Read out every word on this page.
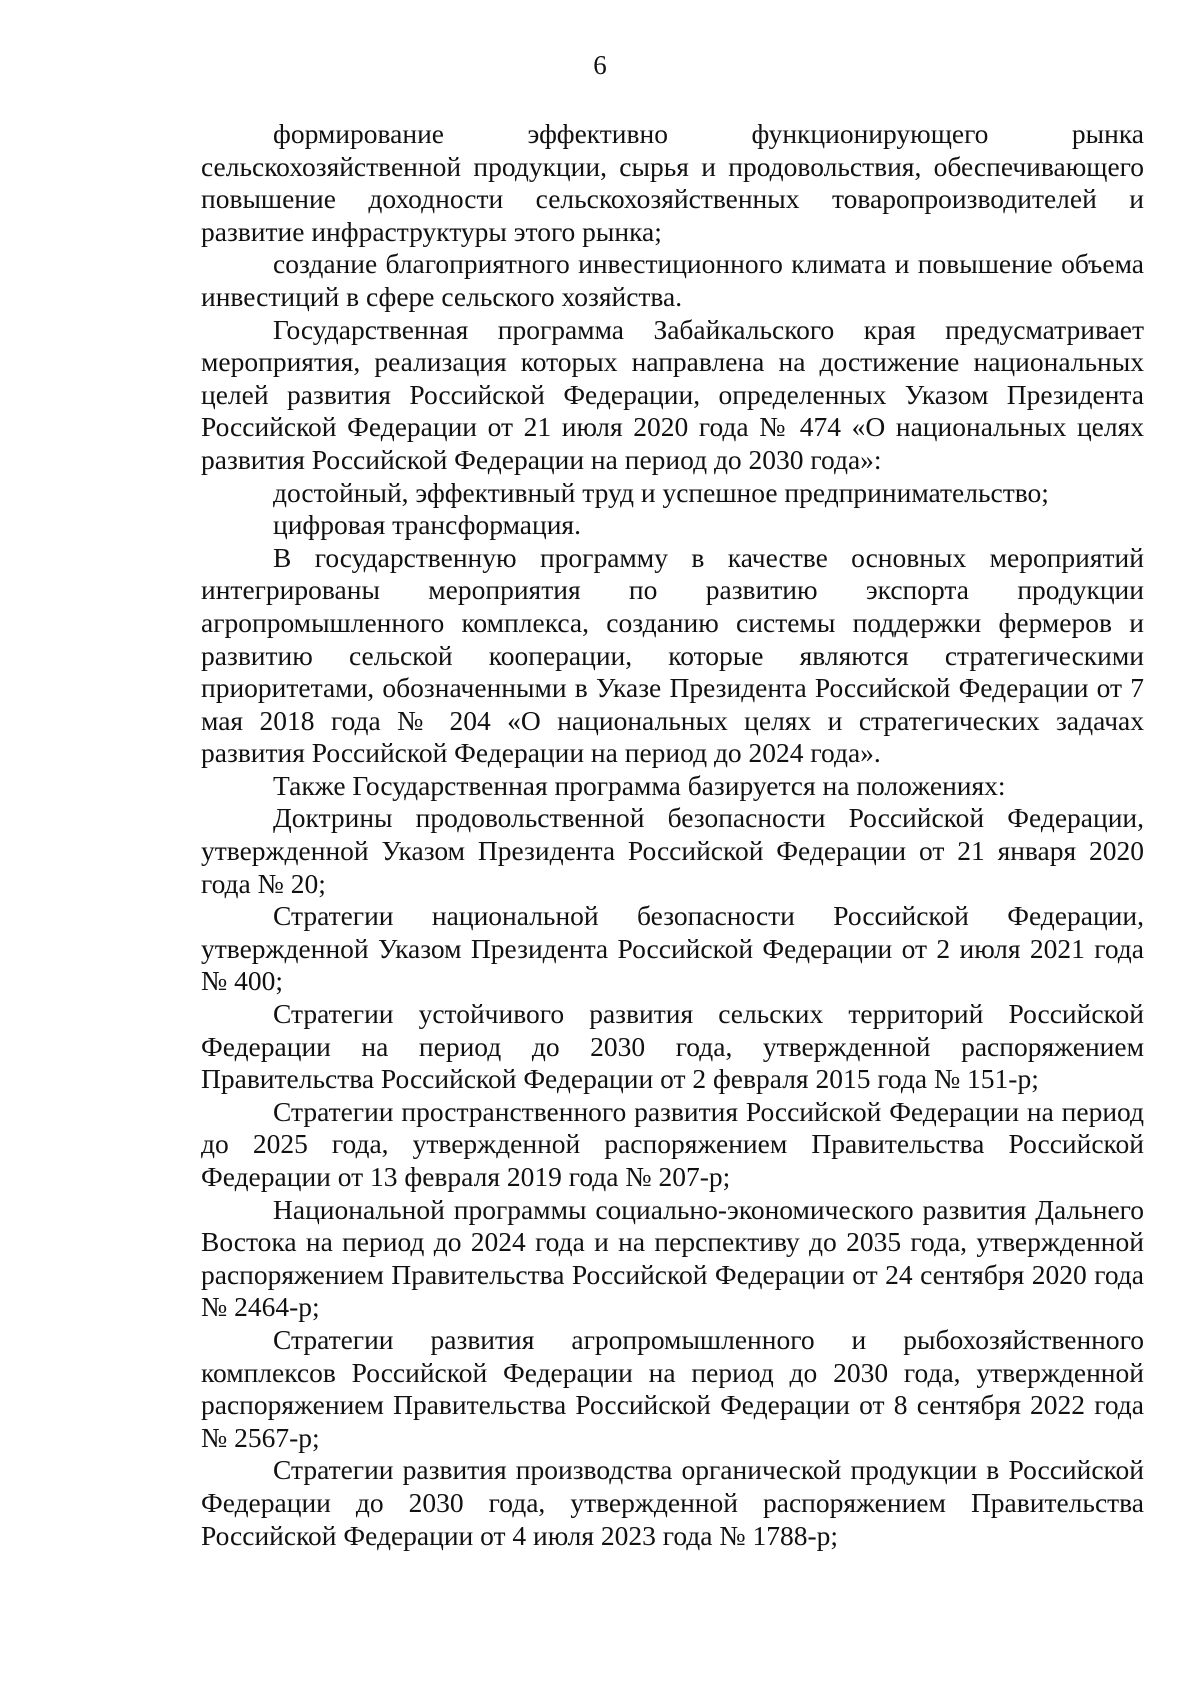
6

формирование эффективно функционирующего рынка сельскохозяйственной продукции, сырья и продовольствия, обеспечивающего повышение доходности сельскохозяйственных товаропроизводителей и развитие инфраструктуры этого рынка;

создание благоприятного инвестиционного климата и повышение объема инвестиций в сфере сельского хозяйства.

Государственная программа Забайкальского края предусматривает мероприятия, реализация которых направлена на достижение национальных целей развития Российской Федерации, определенных Указом Президента Российской Федерации от 21 июля 2020 года № 474 «О национальных целях развития Российской Федерации на период до 2030 года»:

достойный, эффективный труд и успешное предпринимательство;

цифровая трансформация.

В государственную программу в качестве основных мероприятий интегрированы мероприятия по развитию экспорта продукции агропромышленного комплекса, созданию системы поддержки фермеров и развитию сельской кооперации, которые являются стратегическими приоритетами, обозначенными в Указе Президента Российской Федерации от 7 мая 2018 года № 204 «О национальных целях и стратегических задачах развития Российской Федерации на период до 2024 года».

Также Государственная программа базируется на положениях:

Доктрины продовольственной безопасности Российской Федерации, утвержденной Указом Президента Российской Федерации от 21 января 2020 года № 20;

Стратегии национальной безопасности Российской Федерации, утвержденной Указом Президента Российской Федерации от 2 июля 2021 года № 400;

Стратегии устойчивого развития сельских территорий Российской Федерации на период до 2030 года, утвержденной распоряжением Правительства Российской Федерации от 2 февраля 2015 года № 151-р;

Стратегии пространственного развития Российской Федерации на период до 2025 года, утвержденной распоряжением Правительства Российской Федерации от 13 февраля 2019 года № 207-р;

Национальной программы социально-экономического развития Дальнего Востока на период до 2024 года и на перспективу до 2035 года, утвержденной распоряжением Правительства Российской Федерации от 24 сентября 2020 года № 2464-р;

Стратегии развития агропромышленного и рыбохозяйственного комплексов Российской Федерации на период до 2030 года, утвержденной распоряжением Правительства Российской Федерации от 8 сентября 2022 года № 2567-р;

Стратегии развития производства органической продукции в Российской Федерации до 2030 года, утвержденной распоряжением Правительства Российской Федерации от 4 июля 2023 года № 1788-р;
